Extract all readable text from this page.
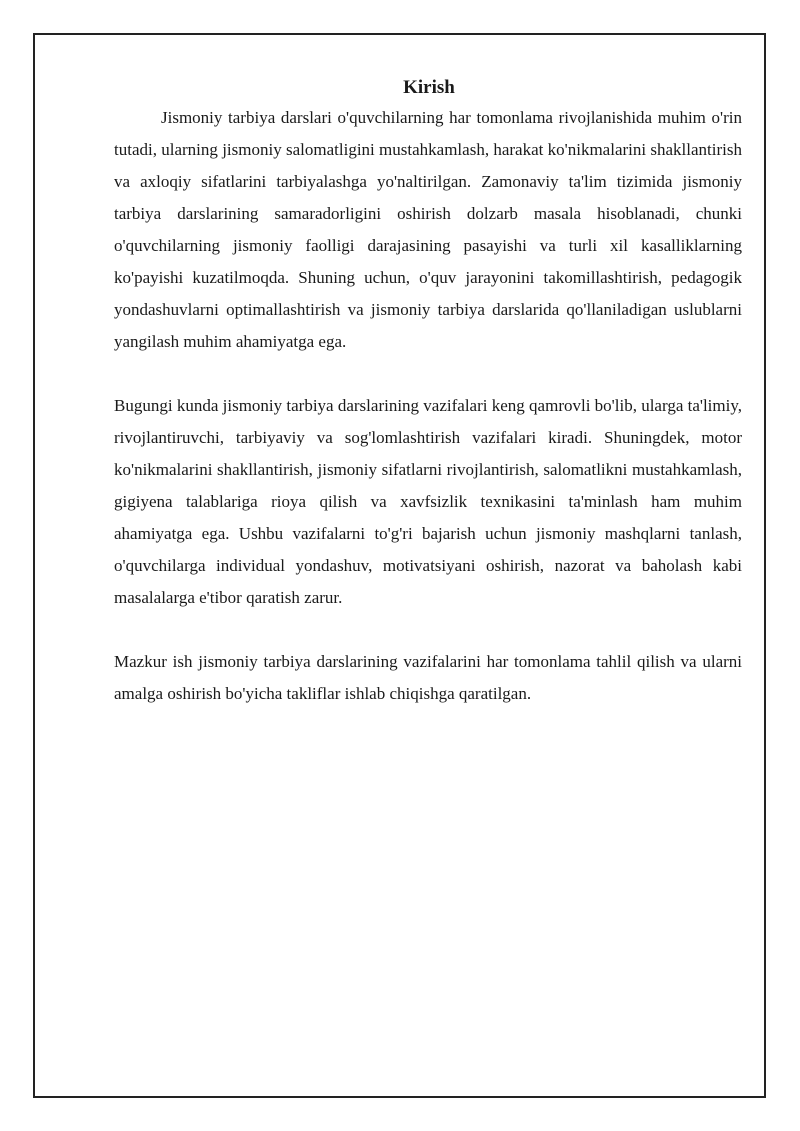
Kirish

Jismoniy tarbiya darslari o'quvchilarning har tomonlama rivojlanishida muhim o'rin tutadi, ularning jismoniy salomatligini mustahkamlash, harakat ko'nikmalarini shakllantirish va axloqiy sifatlarini tarbiyalashga yo'naltirilgan. Zamonaviy ta'lim tizimida jismoniy tarbiya darslarining samaradorligini oshirish dolzarb masala hisoblanadi, chunki o'quvchilarning jismoniy faolligi darajasining pasayishi va turli xil kasalliklarning ko'payishi kuzatilmoqda. Shuning uchun, o'quv jarayonini takomillashtirish, pedagogik yondashuvlarni optimallashtirish va jismoniy tarbiya darslarida qo'llaniladigan uslublarni yangilash muhim ahamiyatga ega.

Bugungi kunda jismoniy tarbiya darslarining vazifalari keng qamrovli bo'lib, ularga ta'limiy, rivojlantiruvchi, tarbiyaviy va sog'lomlashtirish vazifalari kiradi. Shuningdek, motor ko'nikmalarini shakllantirish, jismoniy sifatlarni rivojlantirish, salomatlikni mustahkamlash, gigiyena talablariga rioya qilish va xavfsizlik texnikasini ta'minlash ham muhim ahamiyatga ega. Ushbu vazifalarni to'g'ri bajarish uchun jismoniy mashqlarni tanlash, o'quvchilarga individual yondashuv, motivatsiyani oshirish, nazorat va baholash kabi masalalarga e'tibor qaratish zarur.

Mazkur ish jismoniy tarbiya darslarining vazifalarini har tomonlama tahlil qilish va ularni amalga oshirish bo'yicha takliflar ishlab chiqishga qaratilgan.
